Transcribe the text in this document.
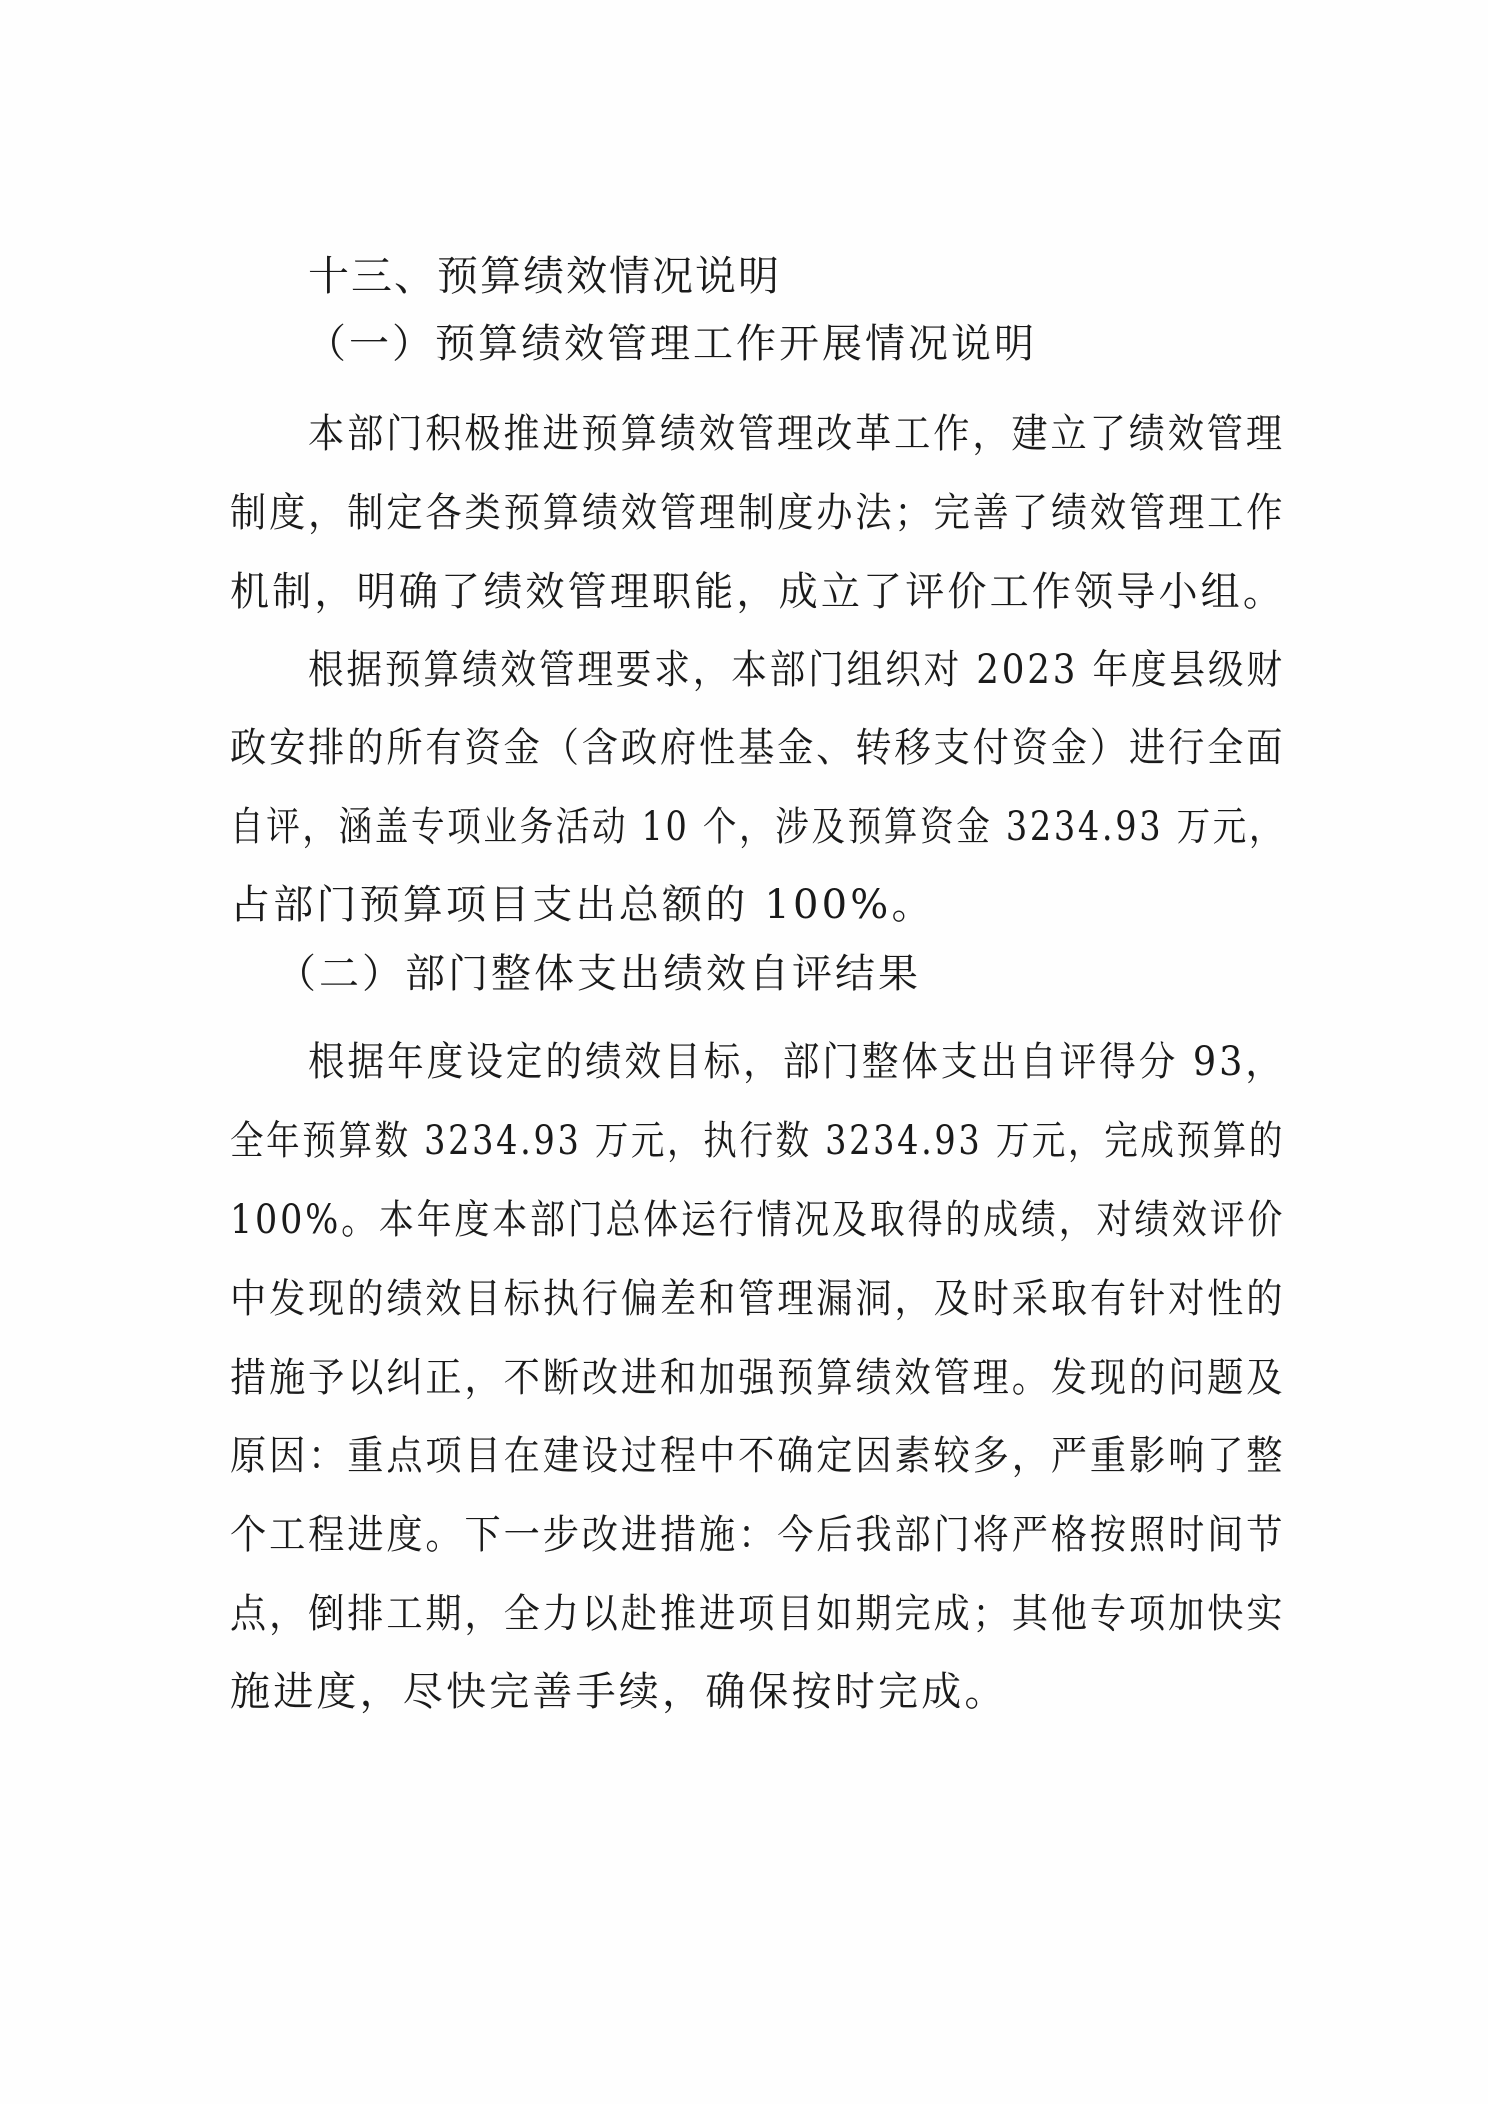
十三、预算绩效情况说明
（一）预算绩效管理工作开展情况说明
本部门积极推进预算绩效管理改革工作，建立了绩效管理
制度，制定各类预算绩效管理制度办法；完善了绩效管理工作
机制，明确了绩效管理职能，成立了评价工作领导小组。
根据预算绩效管理要求，本部门组织对 2023 年度县级财
政安排的所有资金（含政府性基金、转移支付资金）进行全面
自评，涵盖专项业务活动 10 个，涉及预算资金 3234.93 万元，
占部门预算项目支出总额的 100%。
（二）部门整体支出绩效自评结果
根据年度设定的绩效目标，部门整体支出自评得分 93，
全年预算数 3234.93 万元，执行数 3234.93 万元，完成预算的
100%。本年度本部门总体运行情况及取得的成绩，对绩效评价
中发现的绩效目标执行偏差和管理漏洞，及时采取有针对性的
措施予以纠正，不断改进和加强预算绩效管理。发现的问题及
原因：重点项目在建设过程中不确定因素较多，严重影响了整
个工程进度。下一步改进措施：今后我部门将严格按照时间节
点，倒排工期，全力以赴推进项目如期完成；其他专项加快实
施进度，尽快完善手续，确保按时完成。
